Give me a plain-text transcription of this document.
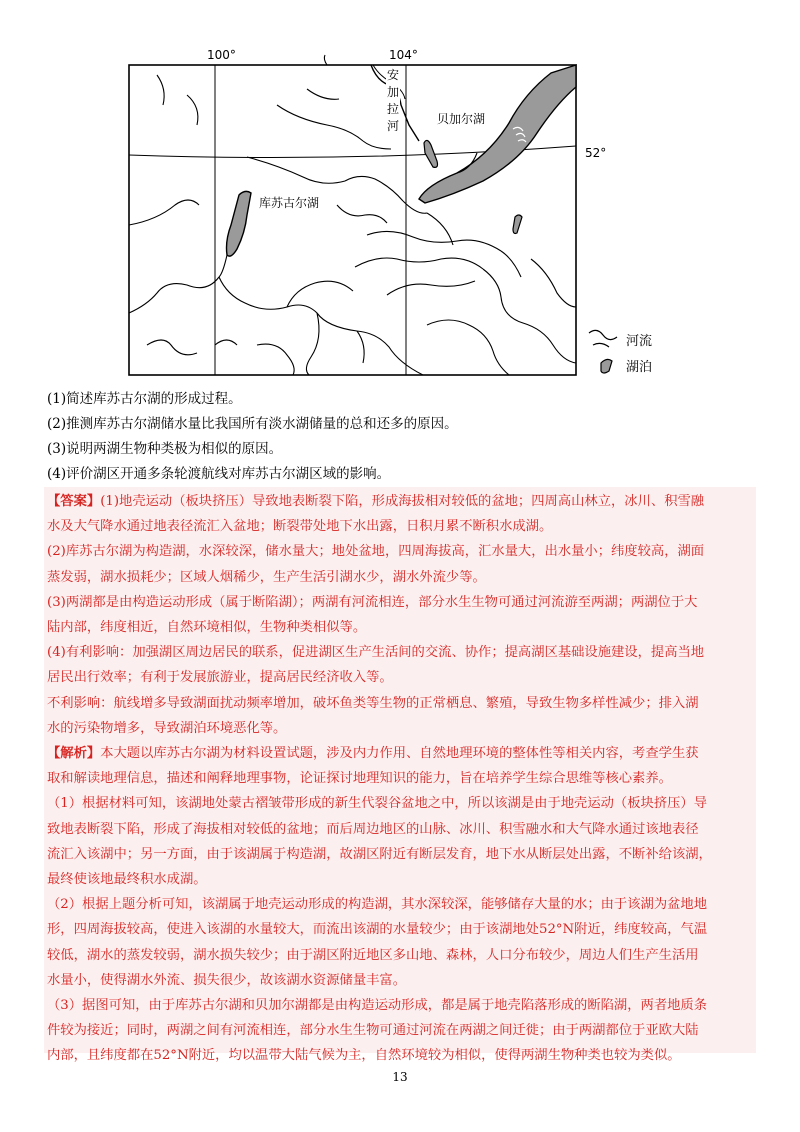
100°	104°
52°
安
加
拉
河	贝加尔湖
库苏古尔湖
河流
湖泊
(1)简述库苏古尔湖的形成过程。
(2)推测库苏古尔湖储水量比我国所有淡水湖储量的总和还多的原因。
(3)说明两湖生物种类极为相似的原因。
(4)评价湖区开通多条轮渡航线对库苏古尔湖区域的影响。

【答案】(1)地壳运动（板块挤压）导致地表断裂下陷，形成海拔相对较低的盆地；四周高山林立，冰川、积雪融

水及大气降水通过地表径流汇入盆地；断裂带处地下水出露，日积月累不断积水成湖。

(2)库苏古尔湖为构造湖，水深较深，储水量大；地处盆地，四周海拔高，汇水量大，出水量小；纬度较高，湖面

蒸发弱，湖水损耗少；区域人烟稀少，生产生活引湖水少，湖水外流少等。

(3)两湖都是由构造运动形成（属于断陷湖）；两湖有河流相连，部分水生生物可通过河流游至两湖；两湖位于大

陆内部，纬度相近，自然环境相似，生物种类相似等。

(4)有利影响：加强湖区周边居民的联系，促进湖区生产生活间的交流、协作；提高湖区基础设施建设，提高当地

居民出行效率；有利于发展旅游业，提高居民经济收入等。

不利影响：航线增多导致湖面扰动频率增加，破坏鱼类等生物的正常栖息、繁殖，导致生物多样性减少；排入湖

水的污染物增多，导致湖泊环境恶化等。

【解析】本大题以库苏古尔湖为材料设置试题，涉及内力作用、自然地理环境的整体性等相关内容，考查学生获

取和解读地理信息，描述和阐释地理事物，论证探讨地理知识的能力，旨在培养学生综合思维等核心素养。

（1）根据材料可知，该湖地处蒙古褶皱带形成的新生代裂谷盆地之中，所以该湖是由于地壳运动（板块挤压）导

致地表断裂下陷，形成了海拔相对较低的盆地；而后周边地区的山脉、冰川、积雪融水和大气降水通过该地表径

流汇入该湖中；另一方面，由于该湖属于构造湖，故湖区附近有断层发育，地下水从断层处出露，不断补给该湖，

最终使该地最终积水成湖。

（2）根据上题分析可知，该湖属于地壳运动形成的构造湖，其水深较深，能够储存大量的水；由于该湖为盆地地

形，四周海拔较高，使进入该湖的水量较大，而流出该湖的水量较少；由于该湖地处52°N附近，纬度较高，气温

较低，湖水的蒸发较弱，湖水损失较少；由于湖区附近地区多山地、森林，人口分布较少，周边人们生产生活用

水量小，使得湖水外流、损失很少，故该湖水资源储量丰富。

（3）据图可知，由于库苏古尔湖和贝加尔湖都是由构造运动形成，都是属于地壳陷落形成的断陷湖，两者地质条

件较为接近；同时，两湖之间有河流相连，部分水生生物可通过河流在两湖之间迁徙；由于两湖都位于亚欧大陆

内部，且纬度都在52°N附近，均以温带大陆气候为主，自然环境较为相似，使得两湖生物种类也较为类似。

13
